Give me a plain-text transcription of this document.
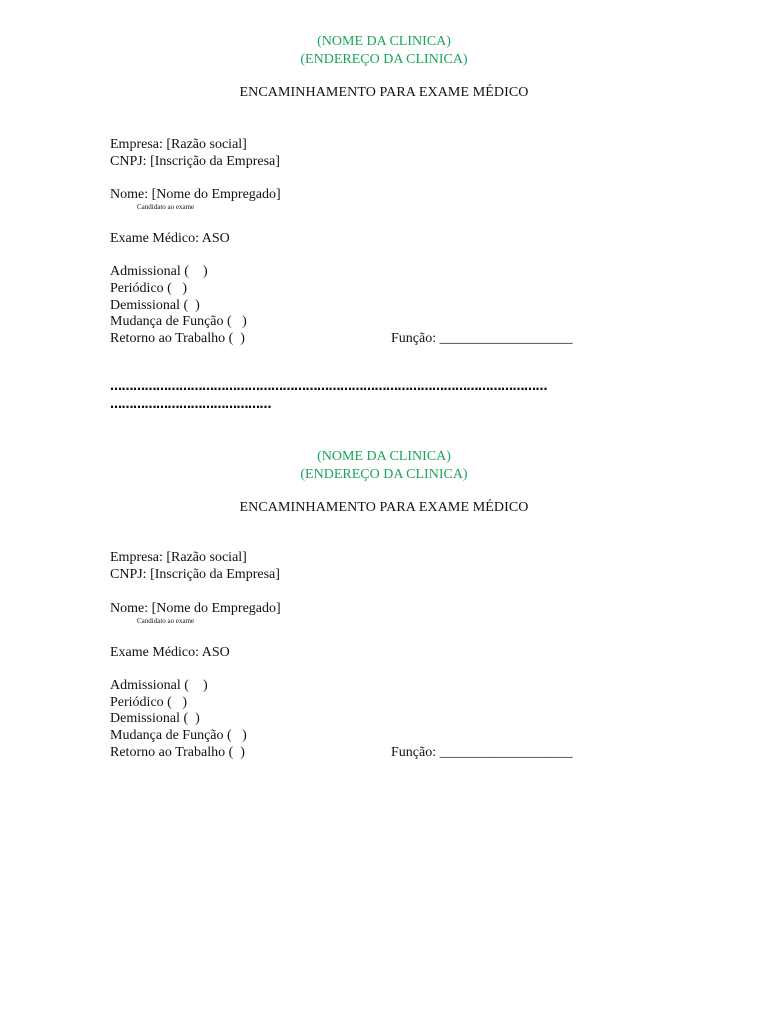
(NOME DA CLINICA)
(ENDEREÇO DA CLINICA)
ENCAMINHAMENTO PARA EXAME MÉDICO
Empresa: [Razão social]
CNPJ: [Inscrição da Empresa]
Nome: [Nome do Empregado]
Candidato ao exame
Exame Médico: ASO
Admissional (    )
Periódico (   )
Demissional (  )
Mudança de Função (   )
Retorno ao Trabalho (  )	Função: ___________________
……………………………………………………………………………………………………
……………………………………
(NOME DA CLINICA)
(ENDEREÇO DA CLINICA)
ENCAMINHAMENTO PARA EXAME MÉDICO
Empresa: [Razão social]
CNPJ: [Inscrição da Empresa]
Nome: [Nome do Empregado]
Candidato ao exame
Exame Médico: ASO
Admissional (    )
Periódico (   )
Demissional (  )
Mudança de Função (   )
Retorno ao Trabalho (  )	Função: ___________________
